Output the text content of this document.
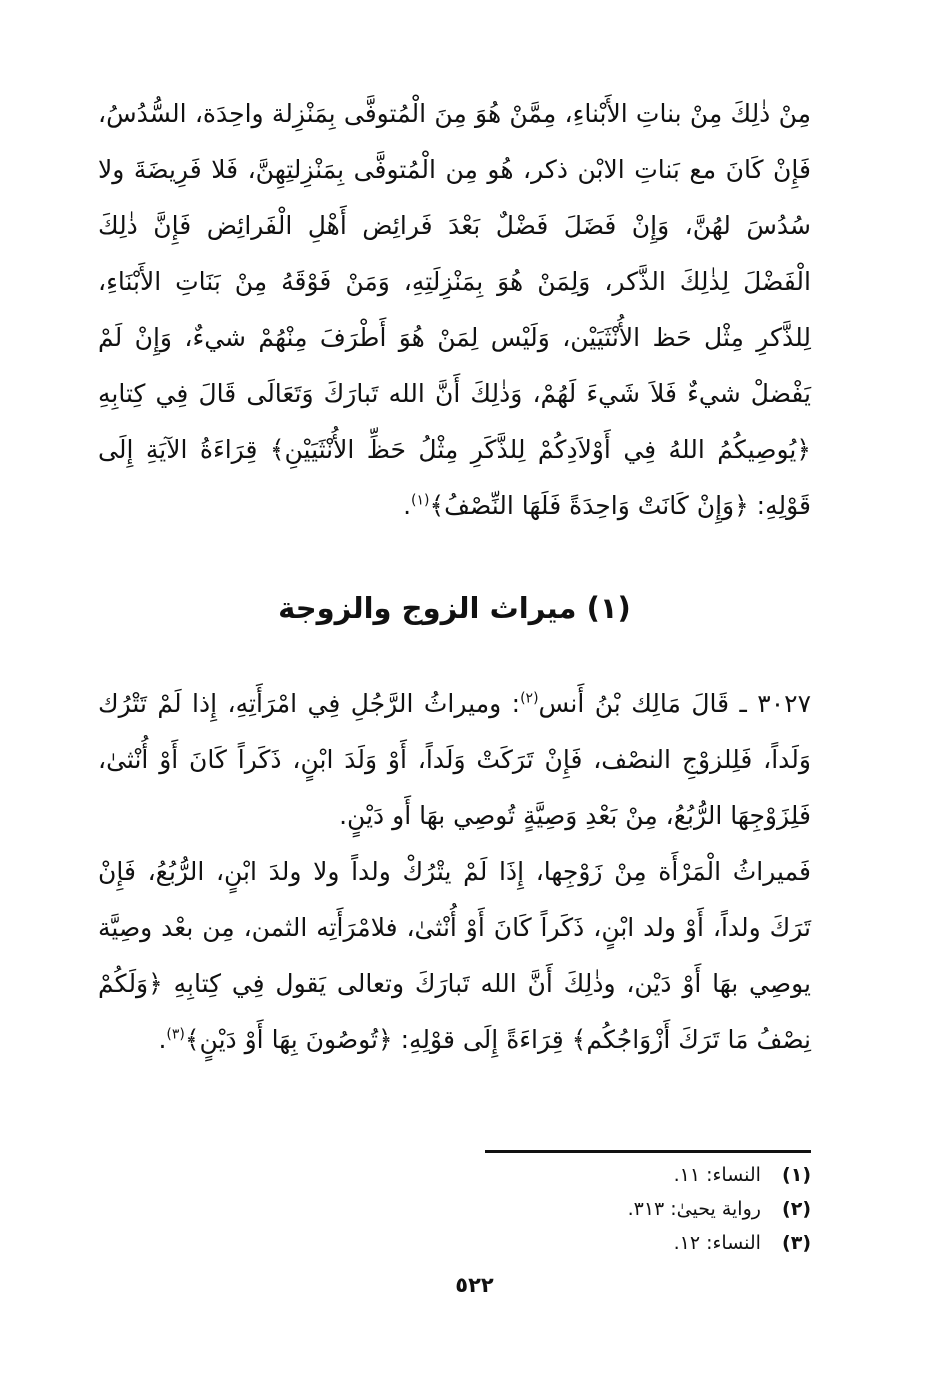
مِنْ ذٰلِكَ مِنْ بناتِ الأَبْناءِ، مِمَّنْ هُوَ مِنَ الْمُتوفَّى بِمَنْزِلة واحِدَة، السُّدُسُ، فَإِنْ كَانَ مع بَناتِ الابْن ذكر، هُو مِن الْمُتوفَّى بِمَنْزِلتِهِنَّ، فَلا فَرِيضَةَ ولا سُدُسَ لهُنَّ، وَإِنْ فَضَلَ فَضْلٌ بَعْدَ فَرائِض أَهْلِ الْفَرائِض فَإِنَّ ذٰلِكَ الْفَضْلَ لِذٰلِكَ الذَّكر، وَلِمَنْ هُوَ بِمَنْزِلَتِهِ، وَمَنْ فَوْقَهُ مِنْ بَنَاتِ الأَبْنَاءِ، لِلذَّكرِ مِثْل حَظ الأُنْثَيَيْن، وَلَيْس لِمَنْ هُوَ أَطْرَفَ مِنْهُمْ شيءٌ، وَإِنْ لَمْ يَفْضلْ شيءٌ فَلاَ شَيءَ لَهُمْ، وَذٰلِكَ أَنَّ الله تَبارَكَ وَتَعَالَى قَالَ فِي كِتابِهِ ﴿يُوصِيكُمُ اللهُ فِي أَوْلاَدِكُمْ لِلذَّكَرِ مِثْلُ حَظِّ الأُنْثَيَيْنِ﴾ قِرَاءَةُ الآيَةِ إِلَى قَوْلِهِ: ﴿وَإِنْ كَانَتْ وَاحِدَةً فَلَهَا النِّصْفُ﴾$^{(١)}$.

(١) ميراث الزوج والزوجة

٣٠٢٧ ـ قَالَ مَالِك بْنُ أَنس$^{(٢)}$: وميراثُ الرَّجُلِ فِي امْرَأَتِهِ، إِذا لَمْ تَتْرُك وَلَداً، فَلِلزوْجِ النصْف، فَإِنْ تَرَكَتْ وَلَداً، أَوْ وَلَدَ ابْنٍ، ذَكَراً كَانَ أَوْ أُنْثىٰ، فَلِزَوْجِهَا الرُّبُعُ، مِنْ بَعْدِ وَصِيَّةٍ تُوصِي بهَا أَو دَيْنٍ.

فَميراثُ الْمَرْأَة مِنْ زَوْجِها، إِذَا لَمْ يتْرُكْ ولداً ولا ولدَ ابْنٍ، الرُّبُعُ، فَإِنْ تَرَكَ ولداً، أَوْ ولد ابْنٍ، ذَكَراً كَانَ أَوْ أُنْثىٰ، فلامْرَأَتِه الثمن، مِن بعْد وصِيَّة يوصِي بهَا أَوْ دَيْن، وذٰلِكَ أَنَّ الله تَبارَكَ وتعالى يَقول فِي كِتابِهِ ﴿وَلَكُمْ نِصْفُ مَا تَرَكَ أَزْوَاجُكُم﴾ قِرَاءَةً إِلَى قوْلِهِ: ﴿تُوصُونَ بِهَا أَوْ دَيْنٍ﴾$^{(٣)}$.

(١) النساء: ١١.
(٢) رواية يحيىٰ: ٣١٣.
(٣) النساء: ١٢.
٥٢٢
